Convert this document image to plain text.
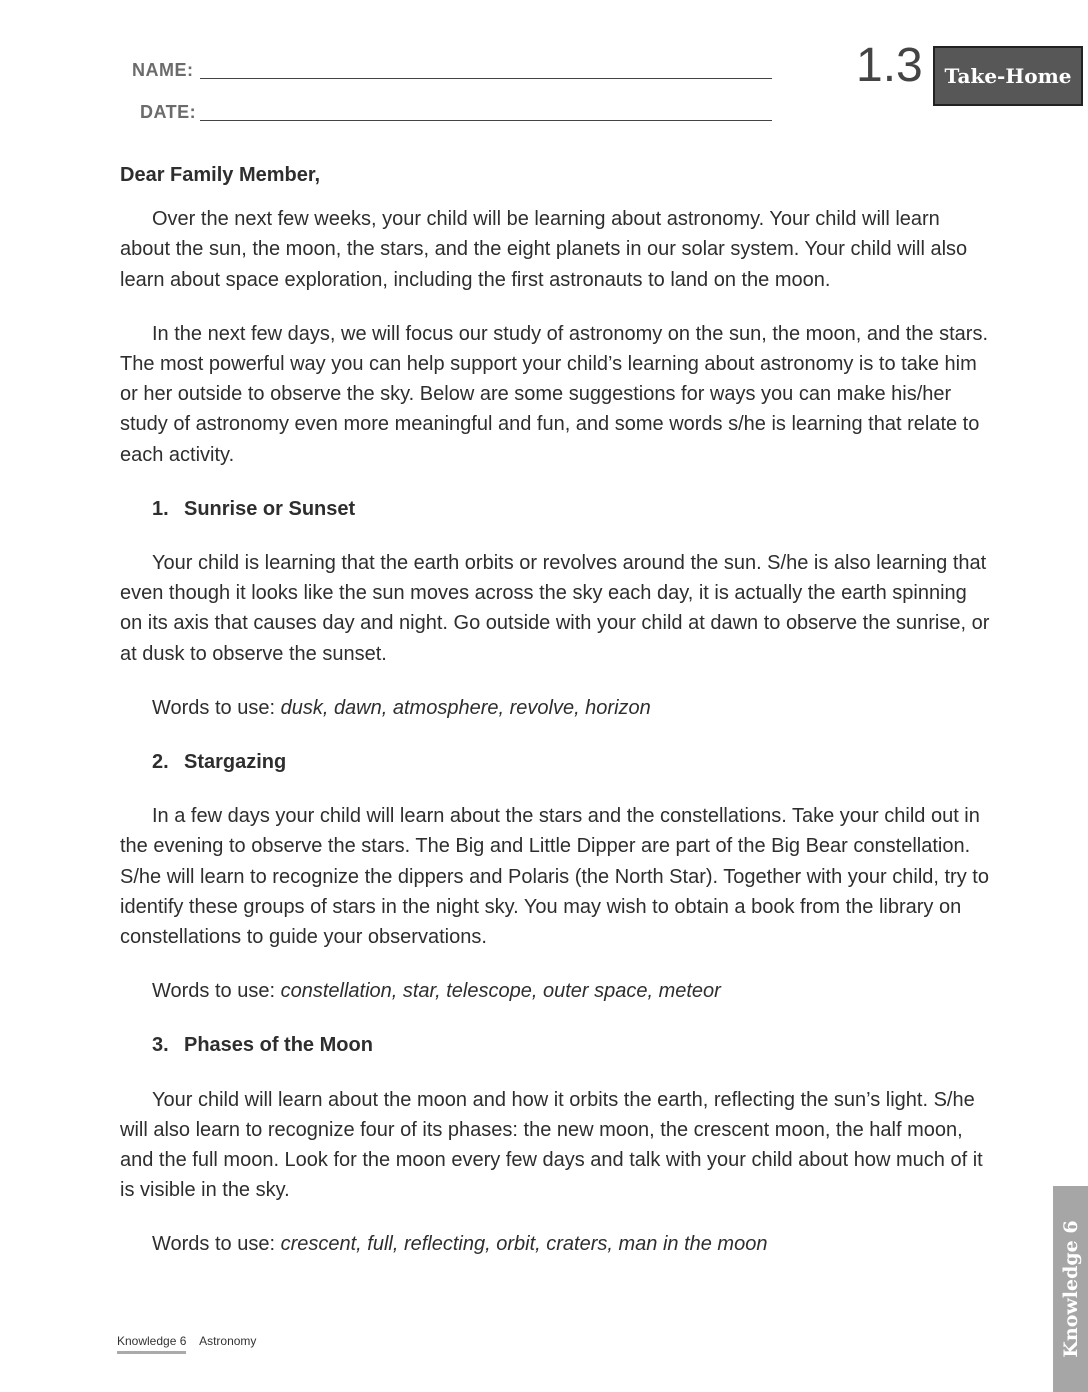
NAME:
DATE:
1.3	Take-Home

Dear Family Member,

Over the next few weeks, your child will be learning about astronomy. Your child will learn about the sun, the moon, the stars, and the eight planets in our solar system. Your child will also learn about space exploration, including the first astronauts to land on the moon.

In the next few days, we will focus our study of astronomy on the sun, the moon, and the stars. The most powerful way you can help support your child’s learning about astronomy is to take him or her outside to observe the sky. Below are some suggestions for ways you can make his/her study of astronomy even more meaningful and fun, and some words s/he is learning that relate to each activity.

1. Sunrise or Sunset

Your child is learning that the earth orbits or revolves around the sun. S/he is also learning that even though it looks like the sun moves across the sky each day, it is actually the earth spinning on its axis that causes day and night. Go outside with your child at dawn to observe the sunrise, or at dusk to observe the sunset.

Words to use: dusk, dawn, atmosphere, revolve, horizon

2. Stargazing

In a few days your child will learn about the stars and the constellations. Take your child out in the evening to observe the stars. The Big and Little Dipper are part of the Big Bear constellation. S/he will learn to recognize the dippers and Polaris (the North Star). Together with your child, try to identify these groups of stars in the night sky. You may wish to obtain a book from the library on constellations to guide your observations.

Words to use: constellation, star, telescope, outer space, meteor

3. Phases of the Moon

Your child will learn about the moon and how it orbits the earth, reflecting the sun’s light. S/he will also learn to recognize four of its phases: the new moon, the crescent moon, the half moon, and the full moon. Look for the moon every few days and talk with your child about how much of it is visible in the sky.

Words to use: crescent, full, reflecting, orbit, craters, man in the moon

Knowledge 6 Astronomy	Knowledge 6
